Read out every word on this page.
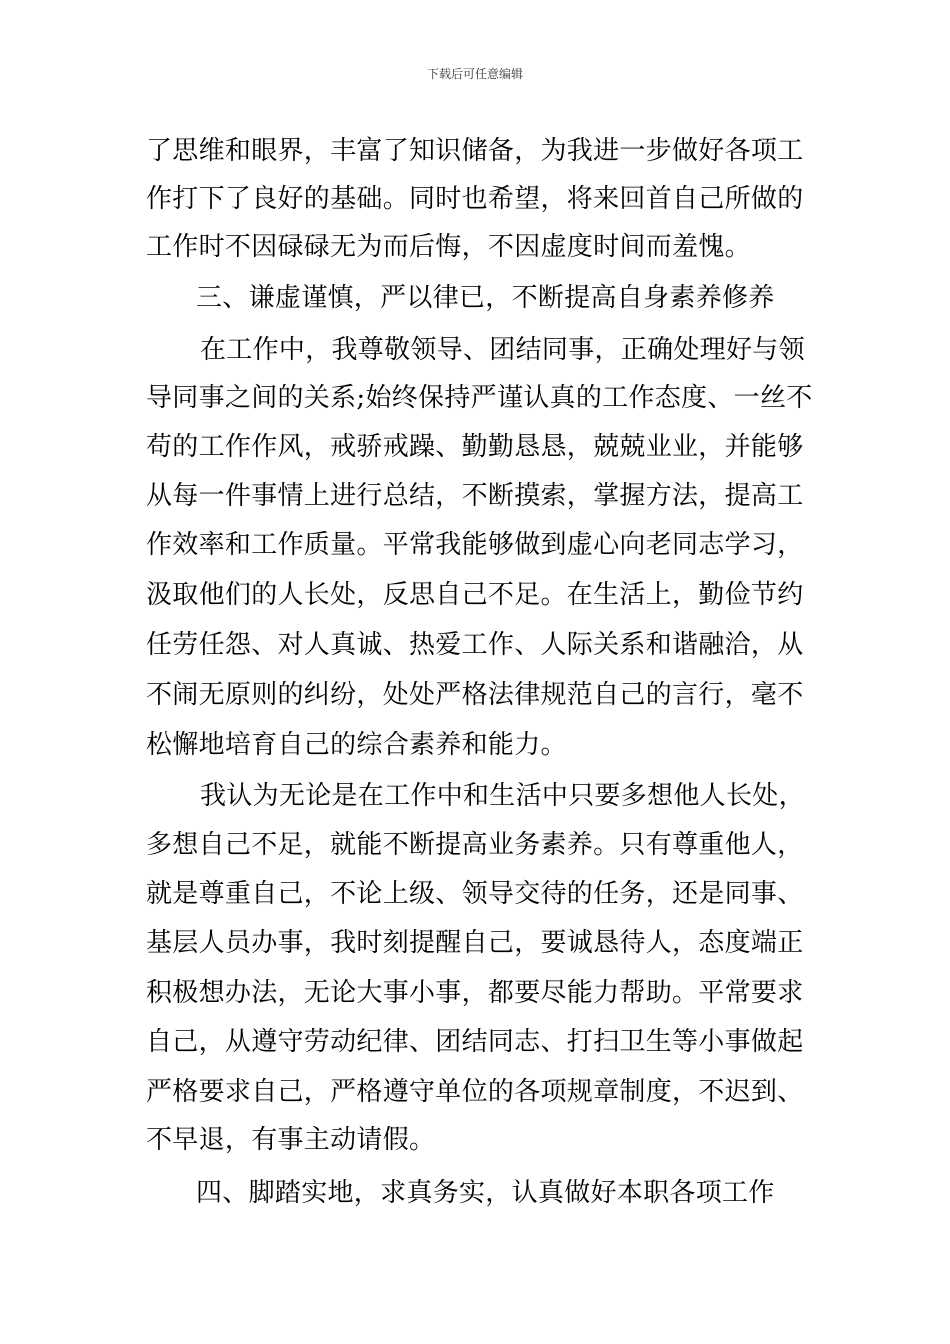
下载后可任意编辑
了思维和眼界，丰富了知识储备，为我进一步做好各项工
作打下了良好的基础。同时也希望，将来回首自己所做的
工作时不因碌碌无为而后悔，不因虚度时间而羞愧。
三、谦虚谨慎，严以律已，不断提高自身素养修养
在工作中，我尊敬领导、团结同事，正确处理好与领
导同事之间的关系;始终保持严谨认真的工作态度、一丝不
苟的工作作风，戒骄戒躁、勤勤恳恳，兢兢业业，并能够
从每一件事情上进行总结，不断摸索，掌握方法，提高工
作效率和工作质量。平常我能够做到虚心向老同志学习，
汲取他们的人长处，反思自己不足。在生活上，勤俭节约
任劳任怨、对人真诚、热爱工作、人际关系和谐融洽，从
不闹无原则的纠纷，处处严格法律规范自己的言行，毫不
松懈地培育自己的综合素养和能力。
我认为无论是在工作中和生活中只要多想他人长处，
多想自己不足，就能不断提高业务素养。只有尊重他人，
就是尊重自己，不论上级、领导交待的任务，还是同事、
基层人员办事，我时刻提醒自己，要诚恳待人，态度端正
积极想办法，无论大事小事，都要尽能力帮助。平常要求
自己，从遵守劳动纪律、团结同志、打扫卫生等小事做起
严格要求自己，严格遵守单位的各项规章制度，不迟到、
不早退，有事主动请假。
四、脚踏实地，求真务实，认真做好本职各项工作
